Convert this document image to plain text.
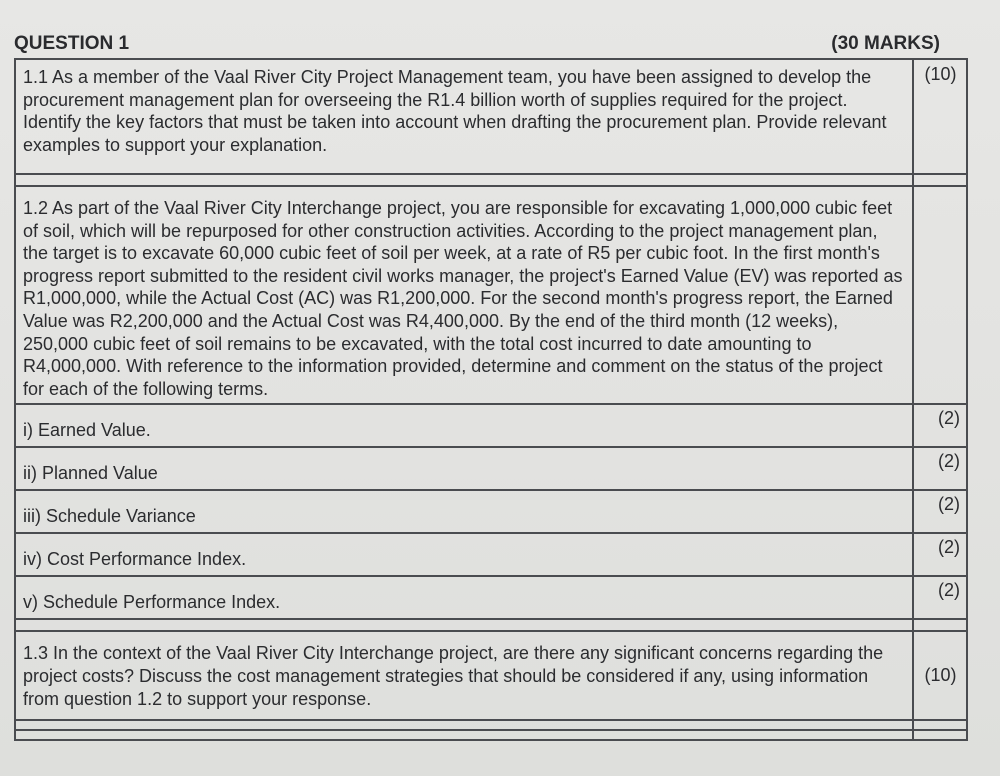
QUESTION 1	(30 MARKS)
1.1 As a member of the Vaal River City Project Management team, you have been assigned to develop the procurement management plan for overseeing the R1.4 billion worth of supplies required for the project. Identify the key factors that must be taken into account when drafting the procurement plan. Provide relevant examples to support your explanation.	(10)

1.2 As part of the Vaal River City Interchange project, you are responsible for excavating 1,000,000 cubic feet of soil, which will be repurposed for other construction activities. According to the project management plan, the target is to excavate 60,000 cubic feet of soil per week, at a rate of R5 per cubic foot. In the first month's progress report submitted to the resident civil works manager, the project's Earned Value (EV) was reported as R1,000,000, while the Actual Cost (AC) was R1,200,000. For the second month's progress report, the Earned Value was R2,200,000 and the Actual Cost was R4,400,000. By the end of the third month (12 weeks), 250,000 cubic feet of soil remains to be excavated, with the total cost incurred to date amounting to R4,000,000. With reference to the information provided, determine and comment on the status of the project for each of the following terms.	
i) Earned Value.	(2)
ii) Planned Value	(2)
iii) Schedule Variance	(2)
iv) Cost Performance Index.	(2)
v) Schedule Performance Index.	(2)

1.3 In the context of the Vaal River City Interchange project, are there any significant concerns regarding the project costs? Discuss the cost management strategies that should be considered if any, using information from question 1.2 to support your response.	(10)
